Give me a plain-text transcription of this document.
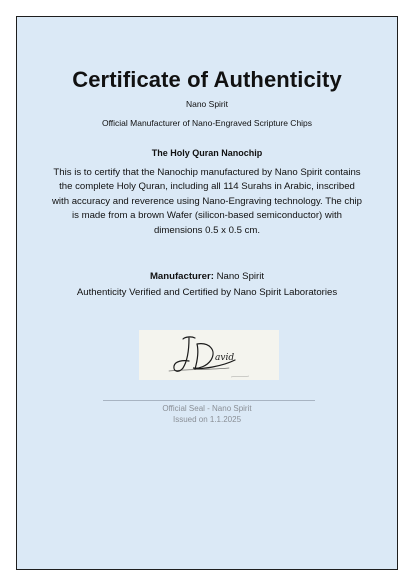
Certificate of Authenticity
Nano Spirit
Official Manufacturer of Nano-Engraved Scripture Chips
The Holy Quran Nanochip
This is to certify that the Nanochip manufactured by Nano Spirit contains the complete Holy Quran, including all 114 Surahs in Arabic, inscribed with accuracy and reverence using Nano-Engraving technology. The chip is made from a brown Wafer (silicon-based semiconductor) with dimensions 0.5 x 0.5 cm.
Manufacturer: Nano Spirit
Authenticity Verified and Certified by Nano Spirit Laboratories
avid
Official Seal - Nano Spirit
Issued on 1.1.2025
